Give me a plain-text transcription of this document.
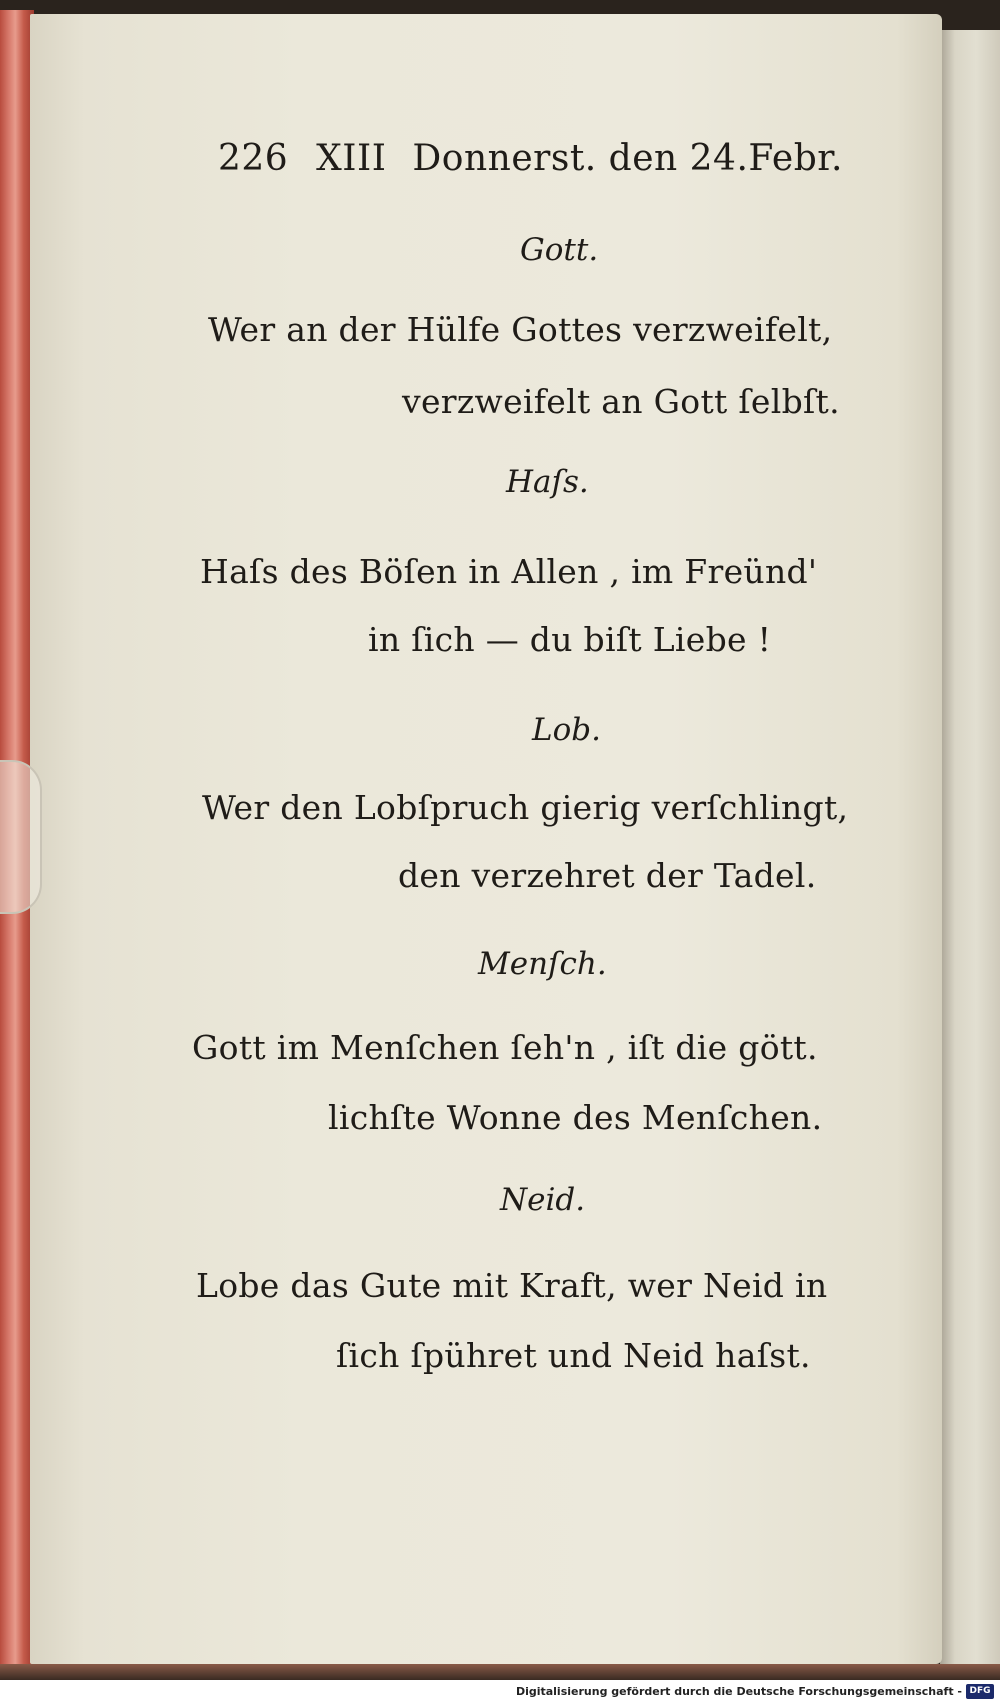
226 XIII Donnerst. den 24.Febr.
Gott.
Wer an der Hülfe Gottes verzweifelt,
verzweifelt an Gott ſelbſt.
Haſs.
Haſs des Böſen in Allen , im Freünd'
in ſich — du biſt Liebe !
Lob.
Wer den Lobſpruch gierig verſchlingt,
den verzehret der Tadel.
Menſch.
Gott im Menſchen ſeh'n , iſt die gött.
lichſte Wonne des Menſchen.
Neid.
Lobe das Gute mit Kraft, wer Neid in
ſich ſpühret und Neid haſst.
Digitalisierung gefördert durch die Deutsche Forschungsgemeinschaft - DFG
